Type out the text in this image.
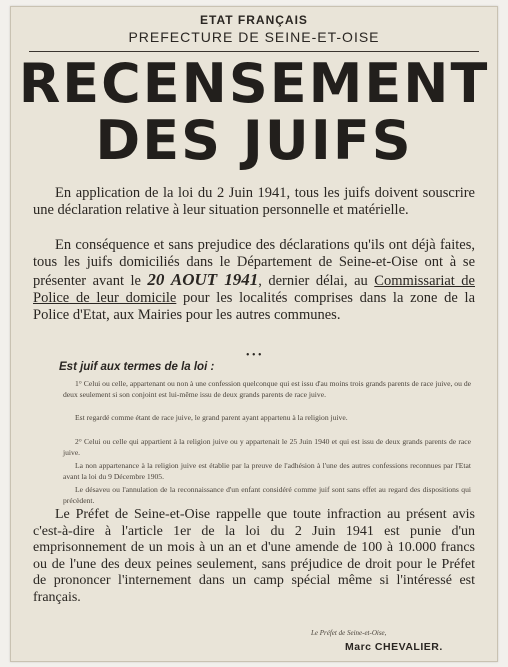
ETAT FRANÇAIS
PREFECTURE DE SEINE-ET-OISE
RECENSEMENT
DES JUIFS
En application de la loi du 2 Juin 1941, tous les juifs doivent souscrire une déclaration relative à leur situation personnelle et matérielle.
En conséquence et sans prejudice des déclarations qu'ils ont déjà faites, tous les juifs domiciliés dans le Département de Seine-et-Oise ont à se présenter avant le 20 AOUT 1941, dernier délai, au Commissariat de Police de leur domicile pour les localités comprises dans la zone de la Police d'Etat, aux Mairies pour les autres communes.
• • •
Est juif aux termes de la loi :
1° Celui ou celle, appartenant ou non à une confession quelconque qui est issu d'au moins trois grands parents de race juive, ou de deux seulement si son conjoint est lui-même issu de deux grands parents de race juive.
Est regardé comme étant de race juive, le grand parent ayant appartenu à la religion juive.
2° Celui ou celle qui appartient à la religion juive ou y appartenait le 25 Juin 1940 et qui est issu de deux grands parents de race juive.
La non appartenance à la religion juive est établie par la preuve de l'adhésion à l'une des autres confessions reconnues par l'Etat avant la loi du 9 Décembre 1905.
Le désaveu ou l'annulation de la reconnaissance d'un enfant considéré comme juif sont sans effet au regard des dispositions qui précèdent.
Le Préfet de Seine-et-Oise rappelle que toute infraction au présent avis c'est-à-dire à l'article 1er de la loi du 2 Juin 1941 est punie d'un emprisonnement de un mois à un an et d'une amende de 100 à 10.000 francs ou de l'une des deux peines seulement, sans préjudice de droit pour le Préfet de prononcer l'internement dans un camp spécial même si l'intéressé est français.
Le Préfet de Seine-et-Oise,
Marc CHEVALIER.
